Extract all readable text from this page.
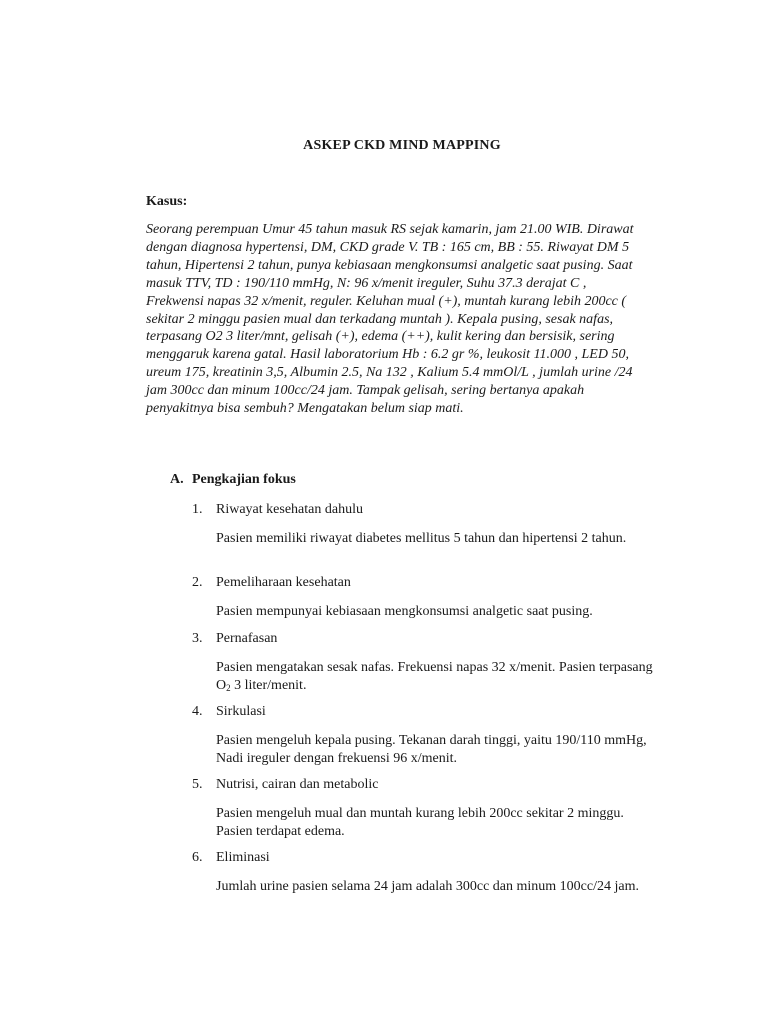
ASKEP CKD MIND MAPPING
Kasus:
Seorang perempuan Umur 45 tahun masuk RS sejak kamarin, jam 21.00 WIB. Dirawat dengan diagnosa hypertensi, DM, CKD grade V. TB : 165 cm, BB : 55. Riwayat DM 5 tahun, Hipertensi 2 tahun, punya kebiasaan mengkonsumsi analgetic saat pusing. Saat masuk TTV, TD : 190/110 mmHg, N: 96 x/menit ireguler, Suhu 37.3 derajat C , Frekwensi napas 32 x/menit, reguler. Keluhan mual (+), muntah kurang lebih 200cc ( sekitar 2 minggu pasien mual dan terkadang muntah ). Kepala pusing, sesak nafas, terpasang O2 3 liter/mnt, gelisah (+), edema (++), kulit kering dan bersisik, sering menggaruk karena gatal. Hasil laboratorium Hb : 6.2 gr %, leukosit 11.000 , LED 50, ureum 175, kreatinin 3,5, Albumin 2.5, Na 132 , Kalium 5.4 mmOl/L , jumlah urine /24 jam 300cc dan minum 100cc/24 jam. Tampak gelisah, sering bertanya apakah penyakitnya bisa sembuh? Mengatakan belum siap mati.
A. Pengkajian fokus
1. Riwayat kesehatan dahulu
Pasien memiliki riwayat diabetes mellitus 5 tahun dan hipertensi 2 tahun.
2. Pemeliharaan kesehatan
Pasien mempunyai kebiasaan mengkonsumsi analgetic saat pusing.
3. Pernafasan
Pasien mengatakan sesak nafas. Frekuensi napas 32 x/menit. Pasien terpasang $O_2$ 3 liter/menit.
4. Sirkulasi
Pasien mengeluh kepala pusing. Tekanan darah tinggi, yaitu 190/110 mmHg, Nadi ireguler dengan frekuensi 96 x/menit.
5. Nutrisi, cairan dan metabolic
Pasien mengeluh mual dan muntah kurang lebih 200cc sekitar 2 minggu. Pasien terdapat edema.
6. Eliminasi
Jumlah urine pasien selama 24 jam adalah 300cc dan minum 100cc/24 jam.
